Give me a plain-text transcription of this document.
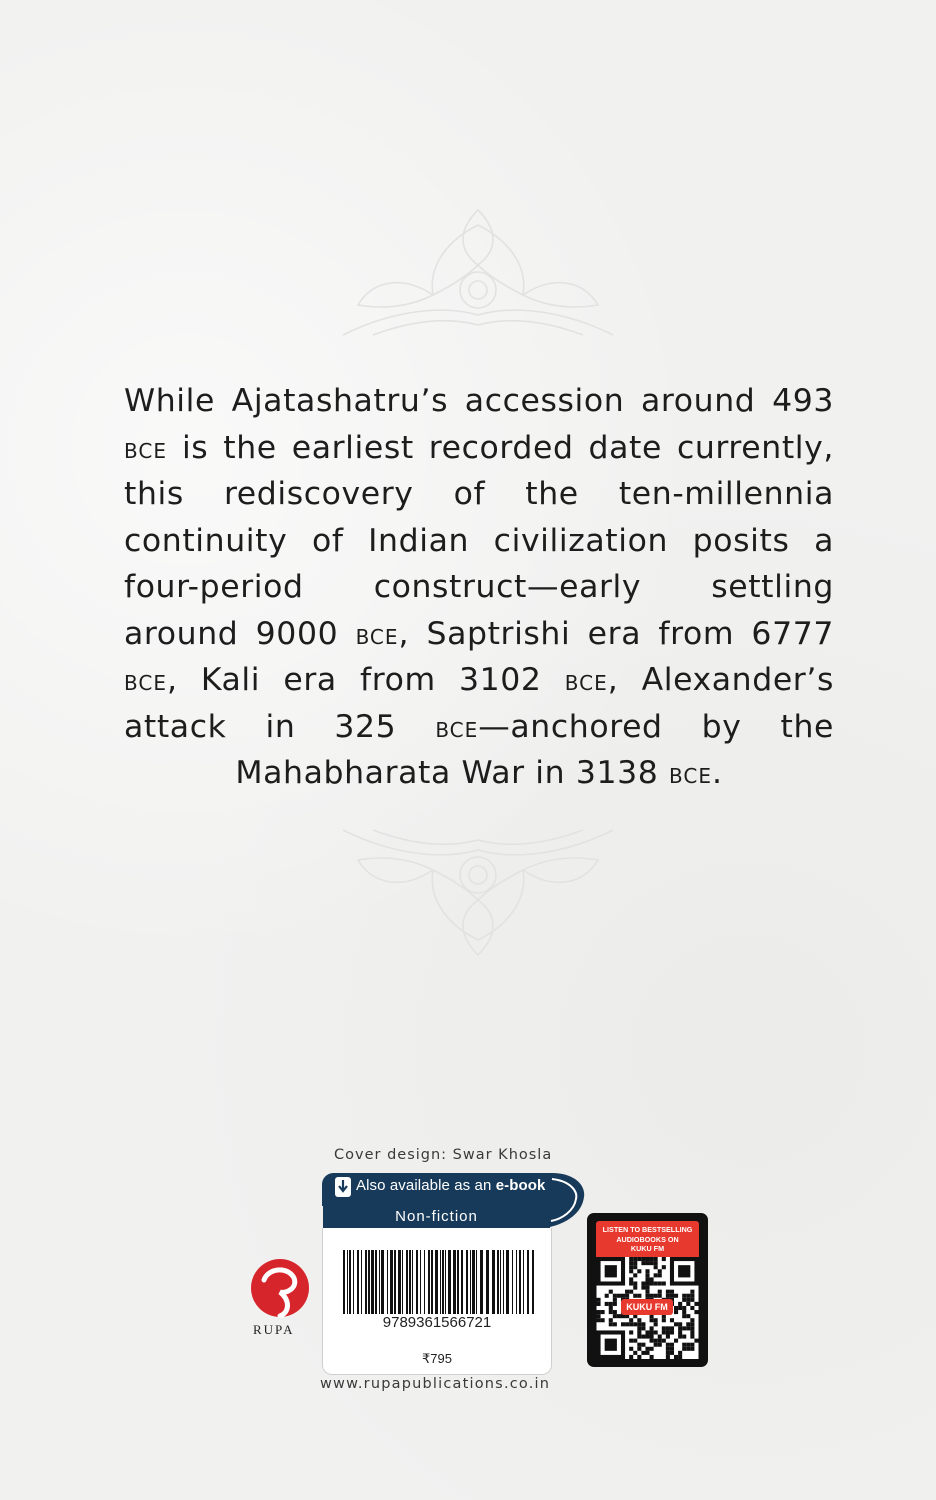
While Ajatashatru’s accession around 493 bce is the earliest recorded date currently, this rediscovery of the ten-millennia continuity of Indian civilization posits a four-period construct—early settling around 9000 bce, Saptrishi era from 6777 bce, Kali era from 3102 bce, Alexander’s attack in 325 bce—anchored by the Mahabharata War in 3138 bce.

Cover design: Swar Khosla
Also available as an e-book
Non-fiction
9789361566721
₹795
www.rupapublications.co.in
RUPA
LISTEN TO BESTSELLING
AUDIOBOOKS ON
KUKU FM
KUKU FM
